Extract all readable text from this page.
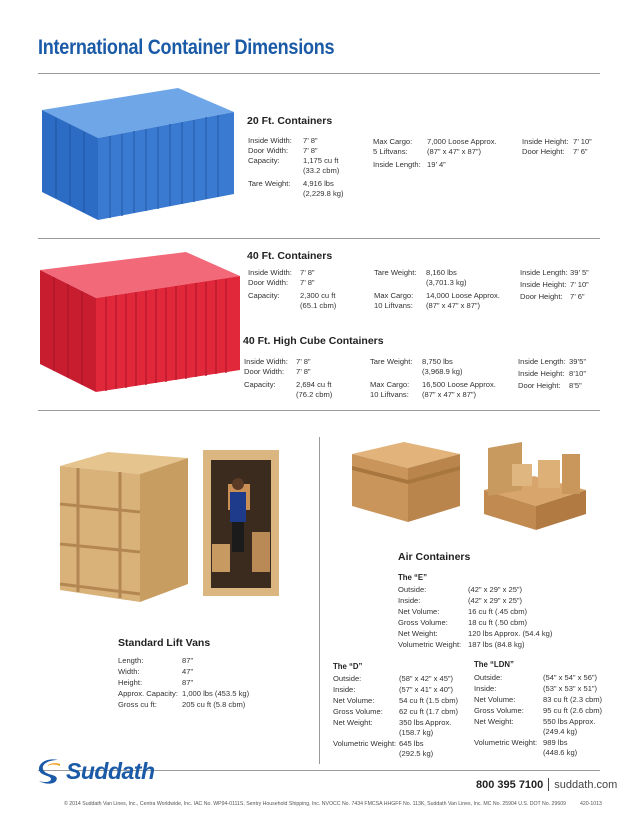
International Container Dimensions
20 Ft. Containers
Inside Width:	7’ 8”
Door Width:	7’ 8”
Capacity:	1,175 cu ft
(33.2 cbm)
Tare Weight:	4,916 lbs
(2,229.8 kg)
Max Cargo:	7,000 Loose Approx.
5 Liftvans:	(87” x 47” x 87”)
Inside Length: 19’ 4”
Inside Height: 7’ 10”
Door Height:	7’ 6”
40 Ft. Containers
Inside Width:	7’ 8”
Door Width:	7’ 8”
Capacity:	2,300 cu ft
(65.1 cbm)
Tare Weight:	8,160 lbs
(3,701.3 kg)
Max Cargo:	14,000 Loose Approx.
10 Liftvans:	(87” x 47” x 87”)
Inside Length: 39’ 5”
Inside Height: 7’ 10”
Door Height: 7’ 6”
40 Ft. High Cube Containers
Inside Width:	7’ 8”
Door Width:	7’ 8”
Capacity:	2,694 cu ft
(76.2 cbm)
Tare Weight:	8,750 lbs
(3,968.9 kg)
Max Cargo:	16,500 Loose Approx.
10 Liftvans:	(87” x 47” x 87”)
Inside Length: 39’5”
Inside Height: 8’10”
Door Height:	8’5”
Air Containers
The “E”
Outside:	(42” x 29” x 25”)
Inside:	(42” x 29” x 25”)
Net Volume:	16 cu ft (.45 cbm)
Gross Volume:	18 cu ft (.50 cbm)
Net Weight:	120 lbs Approx. (54.4 kg)
Volumetric Weight: 187 lbs (84.8 kg)
Standard Lift Vans
Length:	87”
Width:	47”
Height:	87”
Approx. Capacity: 1,000 lbs (453.5 kg)
Gross cu ft:	205 cu ft (5.8 cbm)
The “D”
Outside:	(58” x 42” x 45”)
Inside:	(57” x 41” x 40”)
Net Volume:	54 cu ft (1.5 cbm)
Gross Volume:	62 cu ft (1.7 cbm)
Net Weight:	350 lbs Approx.
(158.7 kg)
Volumetric Weight: 645 lbs
(292.5 kg)
The “LDN”
Outside:	(54” x 54” x 56”)
Inside:	(53” x 53” x 51”)
Net Volume:	83 cu ft (2.3 cbm)
Gross Volume:	95 cu ft (2.6 cbm)
Net Weight:	550 lbs Approx.
(249.4 kg)
Volumetric Weight: 989 lbs
(448.6 kg)
Suddath
800 395 7100 suddath.com
© 2014 Suddath Van Lines, Inc., Centra Worldwide, Inc. IAC No. WP94-0111S, Sentry Household Shipping, Inc. NVOCC No. 7434 FMCSA HHGFF No. 113K, Suddath Van Lines, Inc. MC No. 25904 U.S. DOT No. 29609	420-1013
